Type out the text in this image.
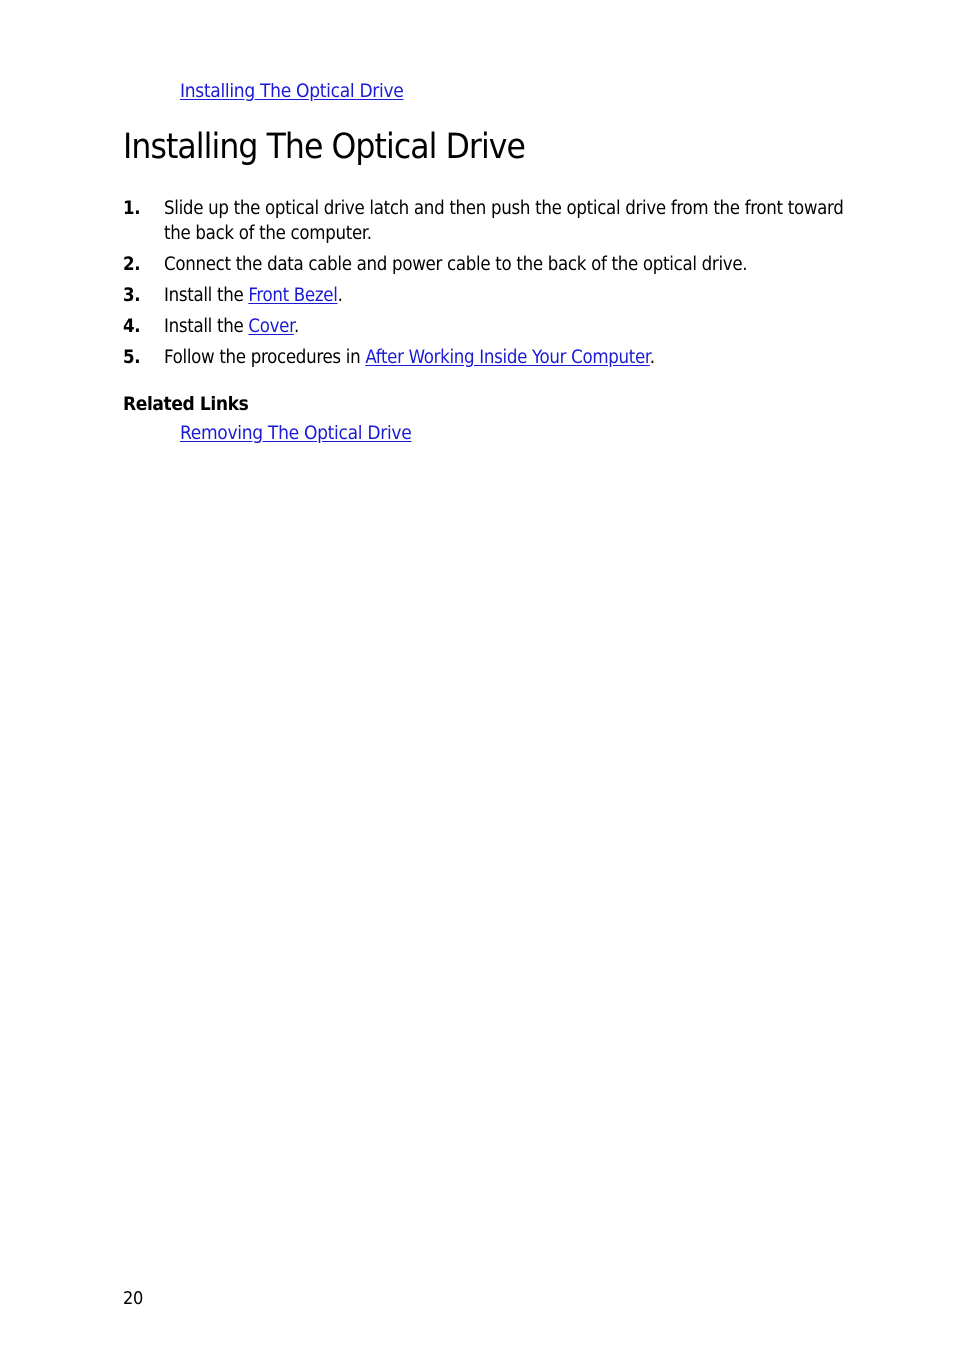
Installing The Optical Drive
Installing The Optical Drive
1. Slide up the optical drive latch and then push the optical drive from the front toward the back of the computer.
2. Connect the data cable and power cable to the back of the optical drive.
3. Install the Front Bezel.
4. Install the Cover.
5. Follow the procedures in After Working Inside Your Computer.
Related Links
Removing The Optical Drive
20
